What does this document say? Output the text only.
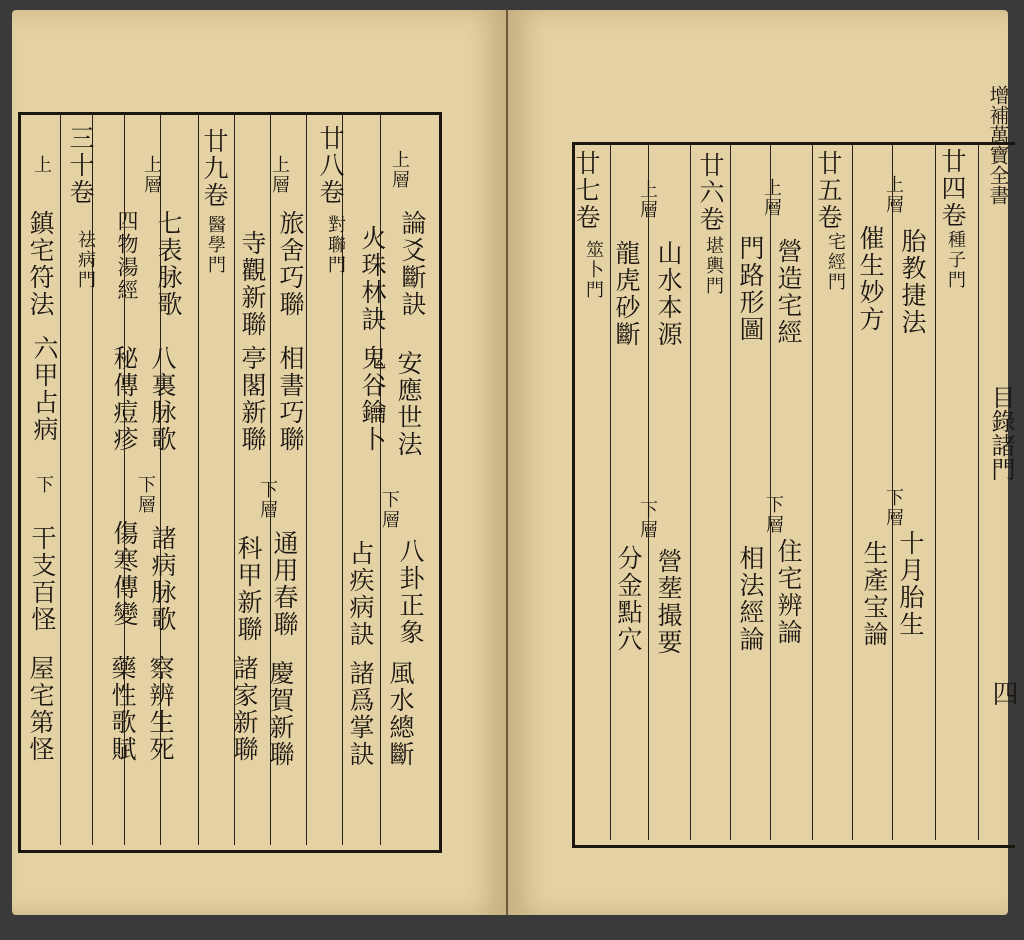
上層
論爻斷訣
下層
八卦正象
火珠林訣
安應世法
風水總斷
鬼谷鑰卜
占疾病訣
諸爲掌訣
廿八卷
對聯門
上層
旅舍巧聯
相書巧聯
下層
通用春聯
慶賀新聯
寺觀新聯
亭閣新聯
科甲新聯
諸家新聯
廿九卷
醫學門
上層
七表脉歌
八裏脉歌
下層
諸病脉歌
察辨生死
四物湯經
秘傳痘疹
傷寒傳變
藥性歌賦
三十卷
祛病門
上
鎮宅符法
六甲占病
下
干支百怪
屋宅第怪
增補萬寶全書
目錄諸門
四
廿四卷
種子門
上層
胎教捷法
下層
十月胎生
催生妙方
生產宝論
廿五卷
宅經門
上層
營造宅經
下層
住宅辨論
門路形圖
相法經論
廿六卷
堪輿門
上層
山水本源
下層
營塟撮要
龍虎砂斷
分金點穴
廿七卷
筮卜門
